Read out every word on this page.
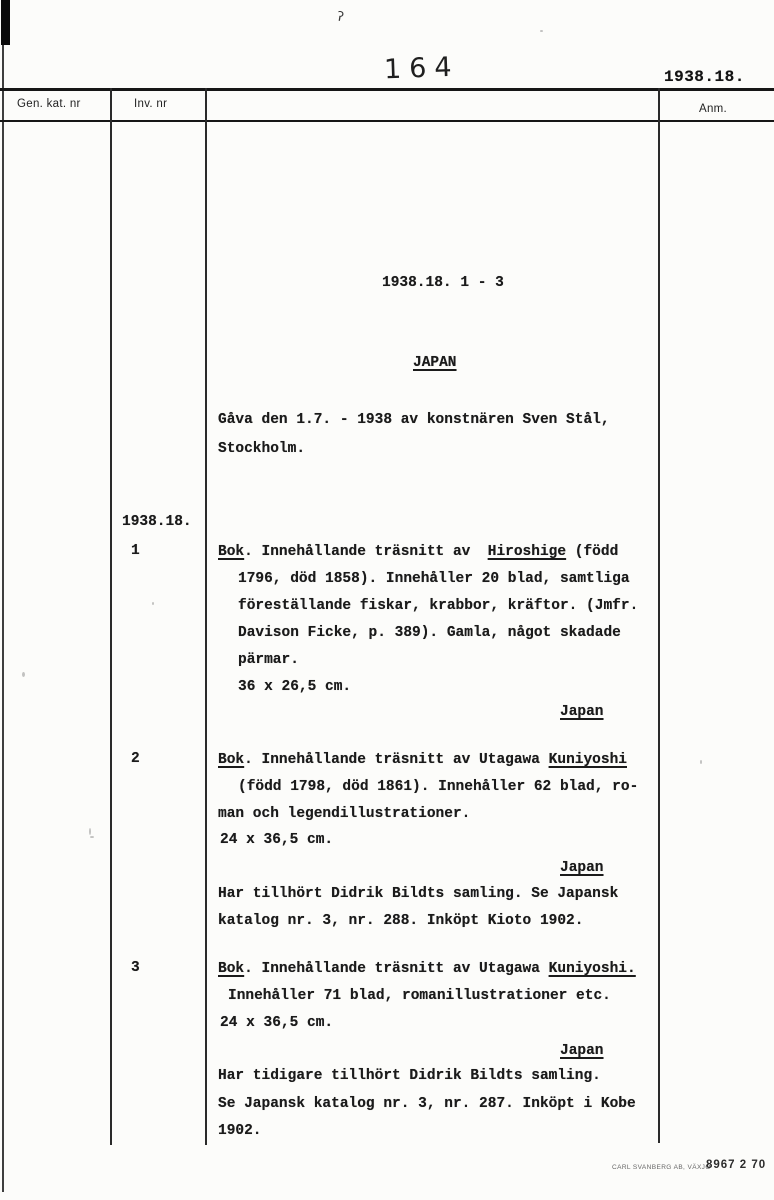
ʔ
164	1938.18.
Gen. kat. nr	Inv. nr	Anm.
1938.18. 1 - 3
JAPAN
Gåva den 1.7. - 1938 av konstnären Sven Stål,
Stockholm.
1938.18.
1	Bok. Innehållande träsnitt av  Hiroshige (född
1796, död 1858). Innehåller 20 blad, samtliga
föreställande fiskar, krabbor, kräftor. (Jmfr.
Davison Ficke, p. 389). Gamla, något skadade
pärmar.
36 x 26,5 cm.
Japan
2	Bok. Innehållande träsnitt av Utagawa Kuniyoshi
(född 1798, död 1861). Innehåller 62 blad, ro-
man och legendillustrationer.
24 x 36,5 cm.
Japan
Har tillhört Didrik Bildts samling. Se Japansk
katalog nr. 3, nr. 288. Inköpt Kioto 1902.
3	Bok. Innehållande träsnitt av Utagawa Kuniyoshi.
Innehåller 71 blad, romanillustrationer etc.
24 x 36,5 cm.
Japan
Har tidigare tillhört Didrik Bildts samling.
Se Japansk katalog nr. 3, nr. 287. Inköpt i Kobe
1902.
CARL SVANBERG AB, VÄXJÖ
8967 2 70
